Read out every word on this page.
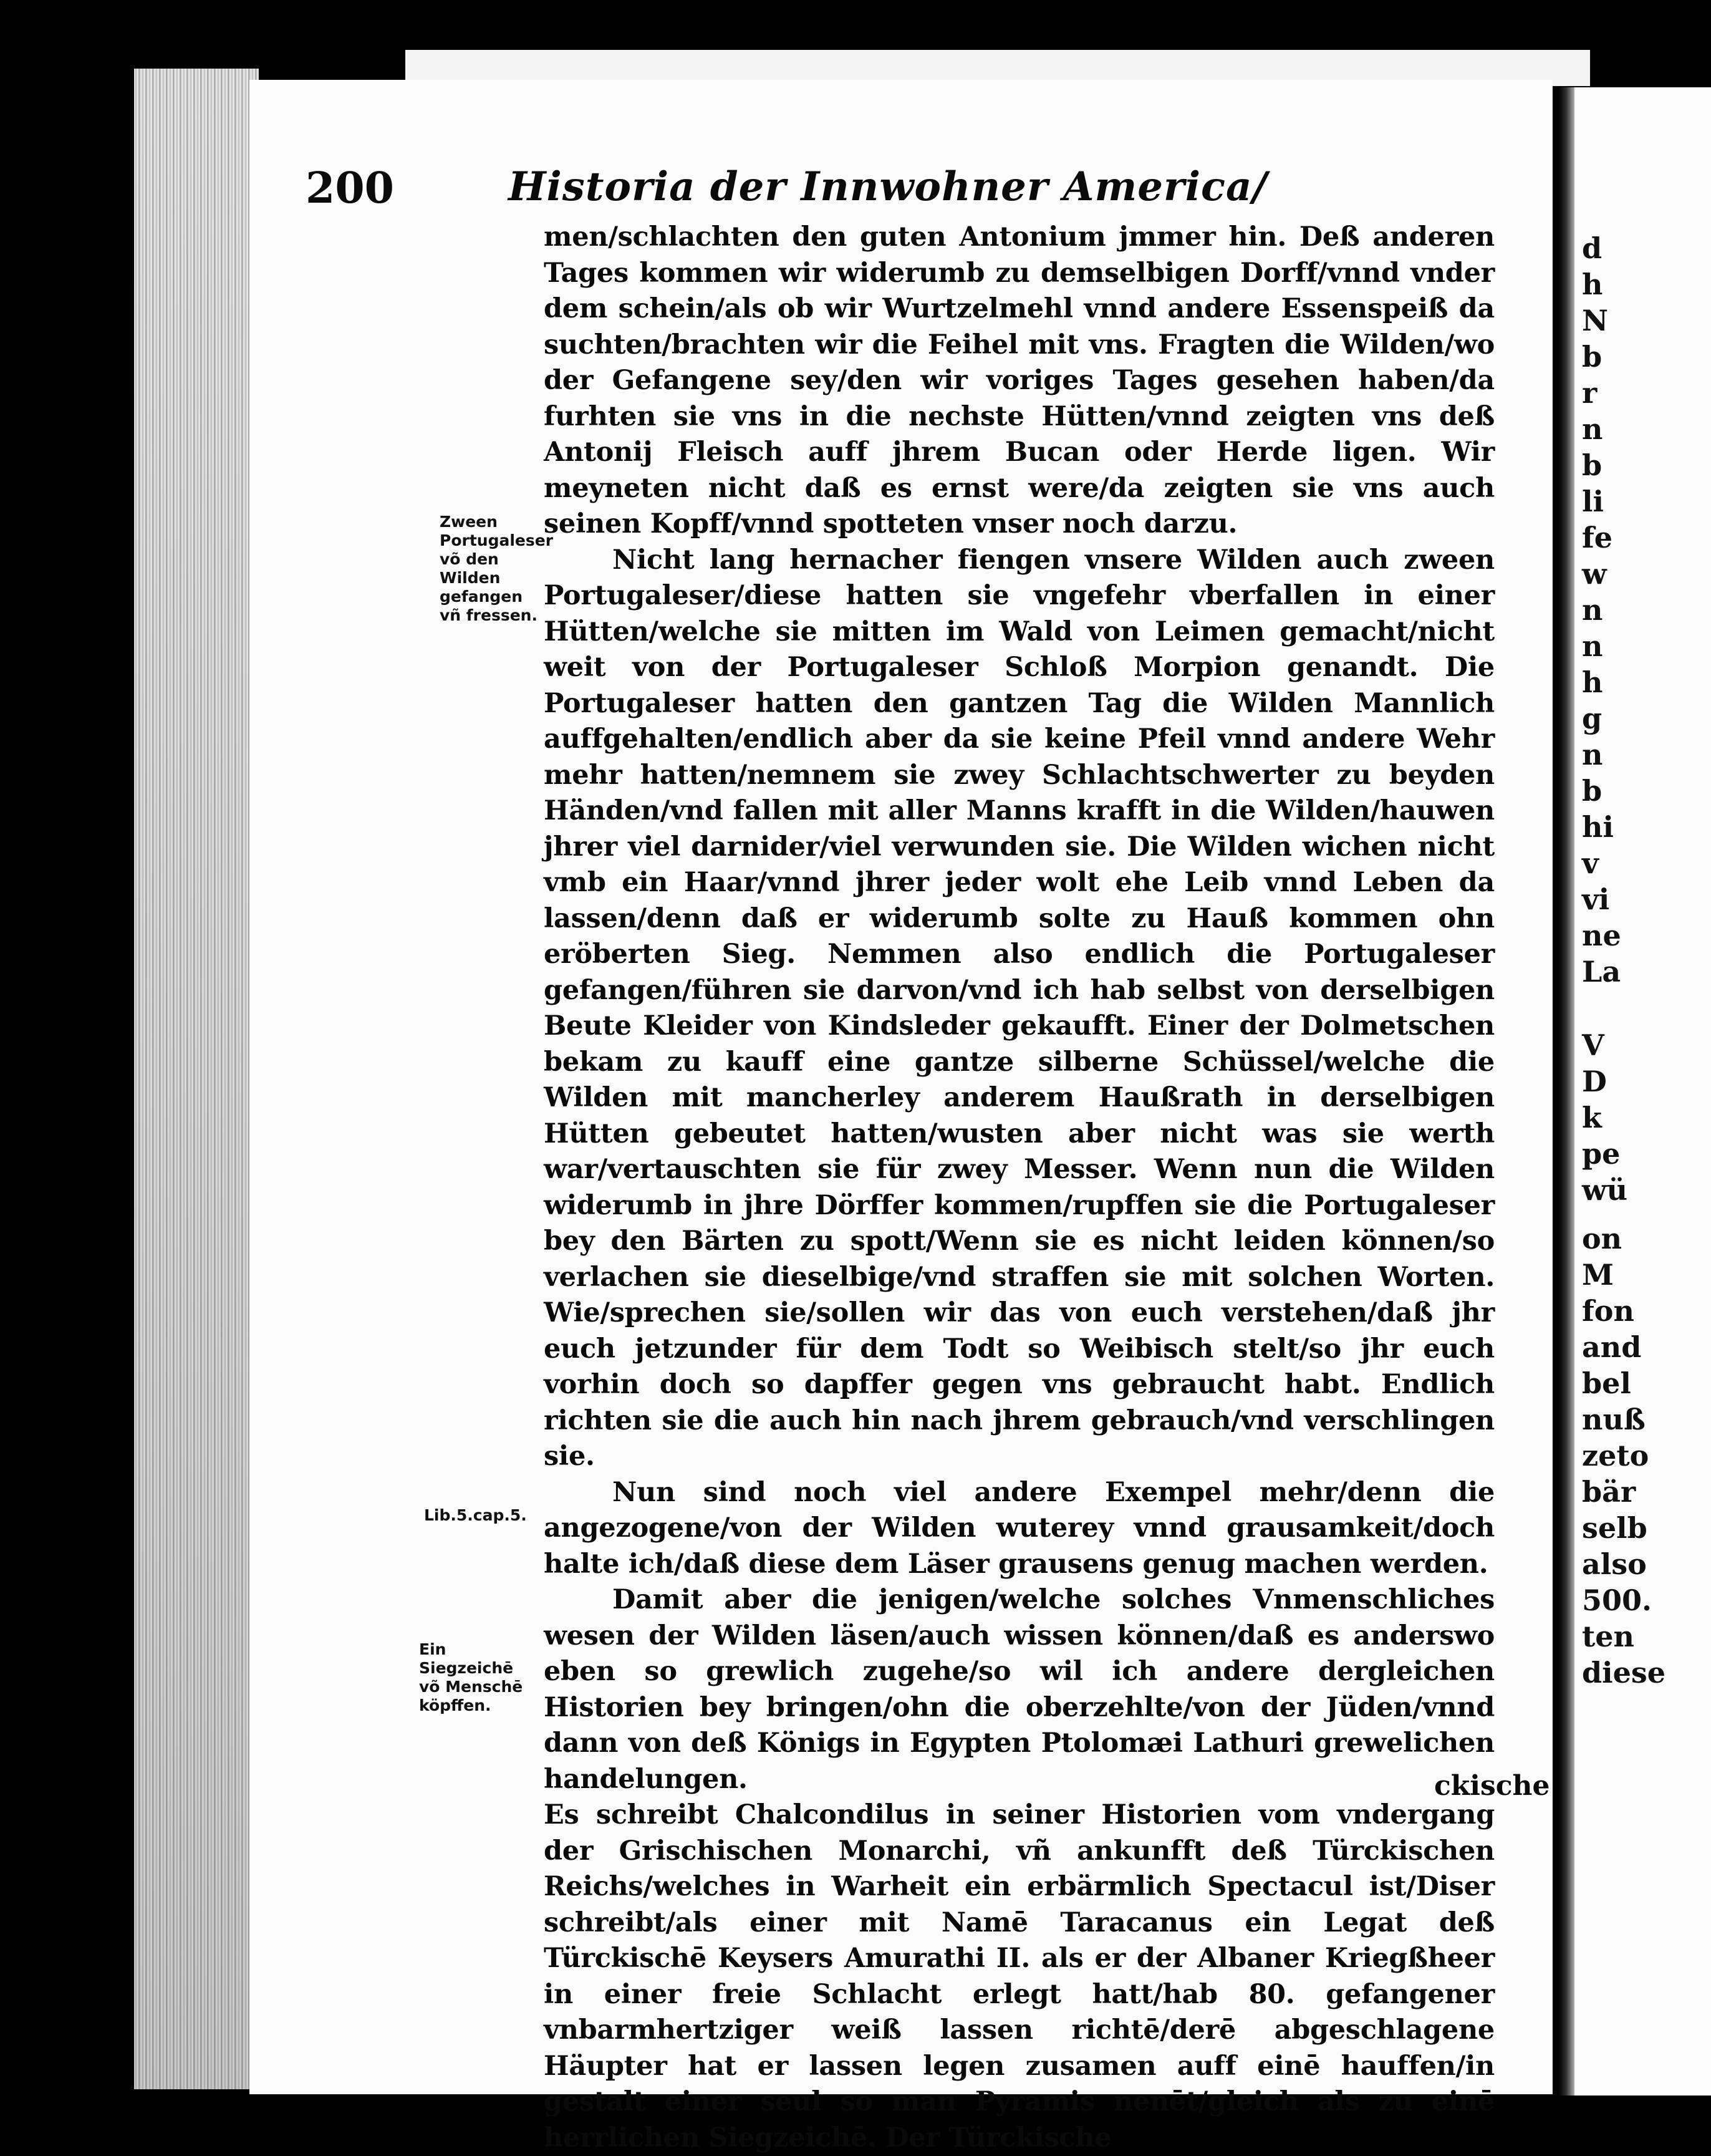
d
h
N
b
r
n
b
li
fe
w
n
n
h
g
n
b
hi
v
vi
ne
La
V
D
k
pe
wü
on
M
fon
and
bel
nuß
zeto
bär
selb
also
500.
ten
diese
200	Historia der Innwohner America/

men/schlachten den guten Antonium jmmer hin. Deß anderen Tages kommen wir widerumb zu demselbigen Dorff/vnnd vnder dem schein/als ob wir Wurtzelmehl vnnd andere Essenspeiß da suchten/brachten wir die Feihel mit vns. Fragten die Wilden/wo der Gefangene sey/den wir voriges Tages gesehen haben/da furhten sie vns in die nechste Hütten/vnnd zeigten vns deß Antonij Fleisch auff jhrem Bucan oder Herde ligen. Wir meyneten nicht daß es ernst were/da zeigten sie vns auch seinen Kopff/vnnd spotteten vnser noch darzu.

Nicht lang hernacher fiengen vnsere Wilden auch zween Portugaleser/diese hatten sie vngefehr vberfallen in einer Hütten/welche sie mitten im Wald von Leimen gemacht/nicht weit von der Portugaleser Schloß Morpion genandt. Die Portugaleser hatten den gantzen Tag die Wilden Mannlich auffgehalten/endlich aber da sie keine Pfeil vnnd andere Wehr mehr hatten/nemnem sie zwey Schlachtschwerter zu beyden Händen/vnd fallen mit aller Manns krafft in die Wilden/hauwen jhrer viel darnider/viel verwunden sie. Die Wilden wichen nicht vmb ein Haar/vnnd jhrer jeder wolt ehe Leib vnnd Leben da lassen/denn daß er widerumb solte zu Hauß kommen ohn eröberten Sieg. Nemmen also endlich die Portugaleser gefangen/führen sie darvon/vnd ich hab selbst von derselbigen Beute Kleider von Kindsleder gekaufft. Einer der Dolmetschen bekam zu kauff eine gantze silberne Schüssel/welche die Wilden mit mancherley anderem Haußrath in derselbigen Hütten gebeutet hatten/wusten aber nicht was sie werth war/vertauschten sie für zwey Messer. Wenn nun die Wilden widerumb in jhre Dörffer kommen/rupffen sie die Portugaleser bey den Bärten zu spott/Wenn sie es nicht leiden können/so verlachen sie dieselbige/vnd straffen sie mit solchen Worten. Wie/sprechen sie/sollen wir das von euch verstehen/daß jhr euch jetzunder für dem Todt so Weibisch stelt/so jhr euch vorhin doch so dapffer gegen vns gebraucht habt. Endlich richten sie die auch hin nach jhrem gebrauch/vnd verschlingen sie.

Nun sind noch viel andere Exempel mehr/denn die angezogene/von der Wilden wuterey vnnd grausamkeit/doch halte ich/daß diese dem Läser grausens genug machen werden.

Damit aber die jenigen/welche solches Vnmenschliches wesen der Wilden läsen/auch wissen können/daß es anderswo eben so grewlich zugehe/so wil ich andere dergleichen Historien bey bringen/ohn die oberzehlte/von der Jüden/vnnd dann von deß Königs in Egypten Ptolomæi Lathuri grewelichen handelungen.

Es schreibt Chalcondilus in seiner Historien vom vndergang der Grischischen Monarchi, vñ ankunfft deß Türckischen Reichs/welches in Warheit ein erbärmlich Spectacul ist/Diser schreibt/als einer mit Namē Taracanus ein Legat deß Türckischē Keysers Amurathi II. als er der Albaner Kriegßheer in einer freie Schlacht erlegt hatt/hab 80. gefangener vnbarmhertziger weiß lassen richtē/derē abgeschlagene Häupter hat er lassen legen zusamen auff einē hauffen/in gestalt einer seul so man Pyramis nenēt/gleich als zu einē herrlichen Siegzeichē. Der Türckische

Zween Portugaleser võ den Wilden gefangen vñ fressen.
Lib.5.cap.5.
Ein Siegzeichē võ Menschē köpffen.
ckische
